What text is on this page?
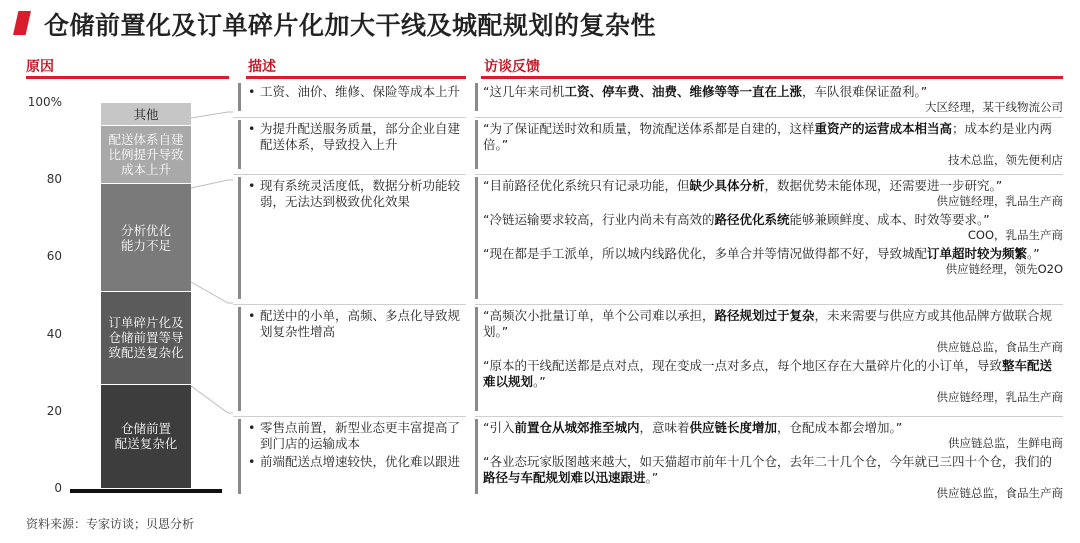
仓储前置化及订单碎片化加大干线及城配规划的复杂性
原因	描述	访谈反馈
0
20
40
60
80
100%
仓储前置
配送复杂化
订单碎片化及
仓储前置等导
致配送复杂化
分析优化
能力不足
配送体系自建
比例提升导致
成本上升
其他
• 工资、油价、维修、保险等成本上升	“这几年来司机工资、停车费、油费、维修等等一直在上涨，车队很难保证盈利。”
大区经理，某干线物流公司
• 为提升配送服务质量，部分企业自建配送体系，导致投入上升
“为了保证配送时效和质量，物流配送体系都是自建的，这样重资产的运营成本相当高；成本约是业内两倍。”
技术总监，领先便利店
• 现有系统灵活度低，数据分析功能较弱，无法达到极致优化效果
“目前路径优化系统只有记录功能，但缺少具体分析，数据优势未能体现，还需要进一步研究。”
供应链经理，乳品生产商
“冷链运输要求较高，行业内尚未有高效的路径优化系统能够兼顾鲜度、成本、时效等要求。”
COO，乳品生产商
“现在都是手工派单，所以城内线路优化，多单合并等情况做得都不好，导致城配订单超时较为频繁。”
供应链经理，领先O2O
• 配送中的小单，高频、多点化导致规划复杂性增高
“高频次小批量订单，单个公司难以承担，路径规划过于复杂，未来需要与供应方或其他品牌方做联合规划。”
供应链总监，食品生产商
“原本的干线配送都是点对点，现在变成一点对多点，每个地区存在大量碎片化的小订单，导致整车配送难以规划。”
供应链经理，乳品生产商
• 零售点前置，新型业态更丰富提高了到门店的运输成本
• 前端配送点增速较快，优化难以跟进
“引入前置仓从城郊推至城内，意味着供应链长度增加，仓配成本都会增加。”
供应链总监，生鲜电商
“各业态玩家版图越来越大，如天猫超市前年十几个仓，去年二十几个仓，今年就已三四十个仓，我们的路径与车配规划难以迅速跟进。”
供应链总监，食品生产商
资料来源：专家访谈；贝恩分析
